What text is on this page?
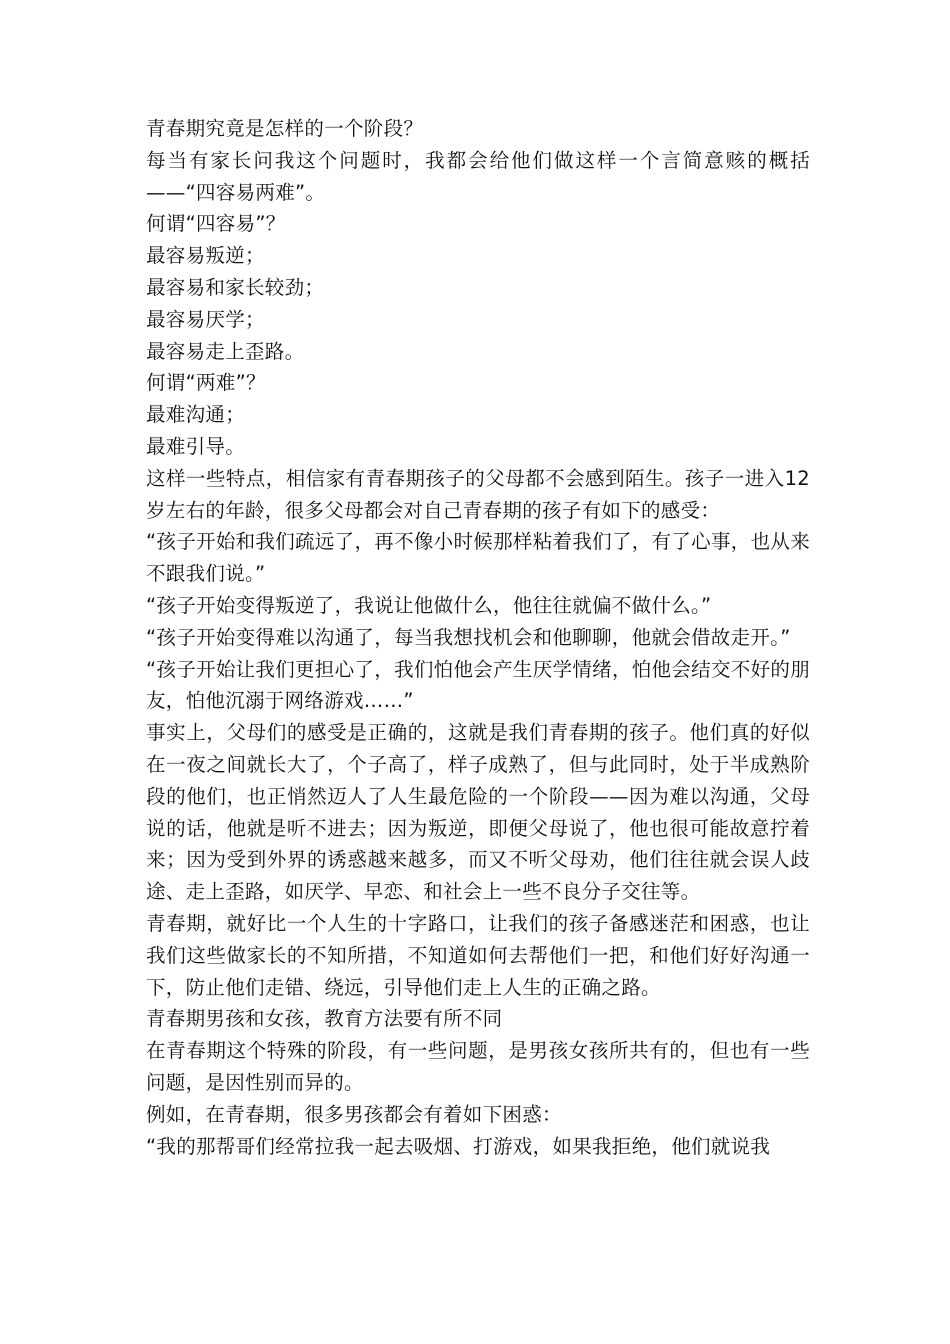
青春期究竟是怎样的一个阶段？

每当有家长问我这个问题时，我都会给他们做这样一个言简意赅的概括——“四容易两难”。

何谓“四容易”？

最容易叛逆；

最容易和家长较劲；

最容易厌学；

最容易走上歪路。

何谓“两难”？

最难沟通；

最难引导。

这样一些特点，相信家有青春期孩子的父母都不会感到陌生。孩子一进入12岁左右的年龄，很多父母都会对自己青春期的孩子有如下的感受：

“孩子开始和我们疏远了，再不像小时候那样粘着我们了，有了心事，也从来不跟我们说。”

“孩子开始变得叛逆了，我说让他做什么，他往往就偏不做什么。”

“孩子开始变得难以沟通了，每当我想找机会和他聊聊，他就会借故走开。”

“孩子开始让我们更担心了，我们怕他会产生厌学情绪，怕他会结交不好的朋友，怕他沉溺于网络游戏……”

事实上，父母们的感受是正确的，这就是我们青春期的孩子。他们真的好似在一夜之间就长大了，个子高了，样子成熟了，但与此同时，处于半成熟阶段的他们，也正悄然迈人了人生最危险的一个阶段——因为难以沟通，父母说的话，他就是听不进去；因为叛逆，即便父母说了，他也很可能故意拧着来；因为受到外界的诱惑越来越多，而又不听父母劝，他们往往就会误人歧途、走上歪路，如厌学、早恋、和社会上一些不良分子交往等。

青春期，就好比一个人生的十字路口，让我们的孩子备感迷茫和困惑，也让我们这些做家长的不知所措，不知道如何去帮他们一把，和他们好好沟通一下，防止他们走错、绕远，引导他们走上人生的正确之路。

青春期男孩和女孩，教育方法要有所不同

在青春期这个特殊的阶段，有一些问题，是男孩女孩所共有的，但也有一些问题，是因性别而异的。

例如，在青春期，很多男孩都会有着如下困惑：

“我的那帮哥们经常拉我一起去吸烟、打游戏，如果我拒绝，他们就说我
